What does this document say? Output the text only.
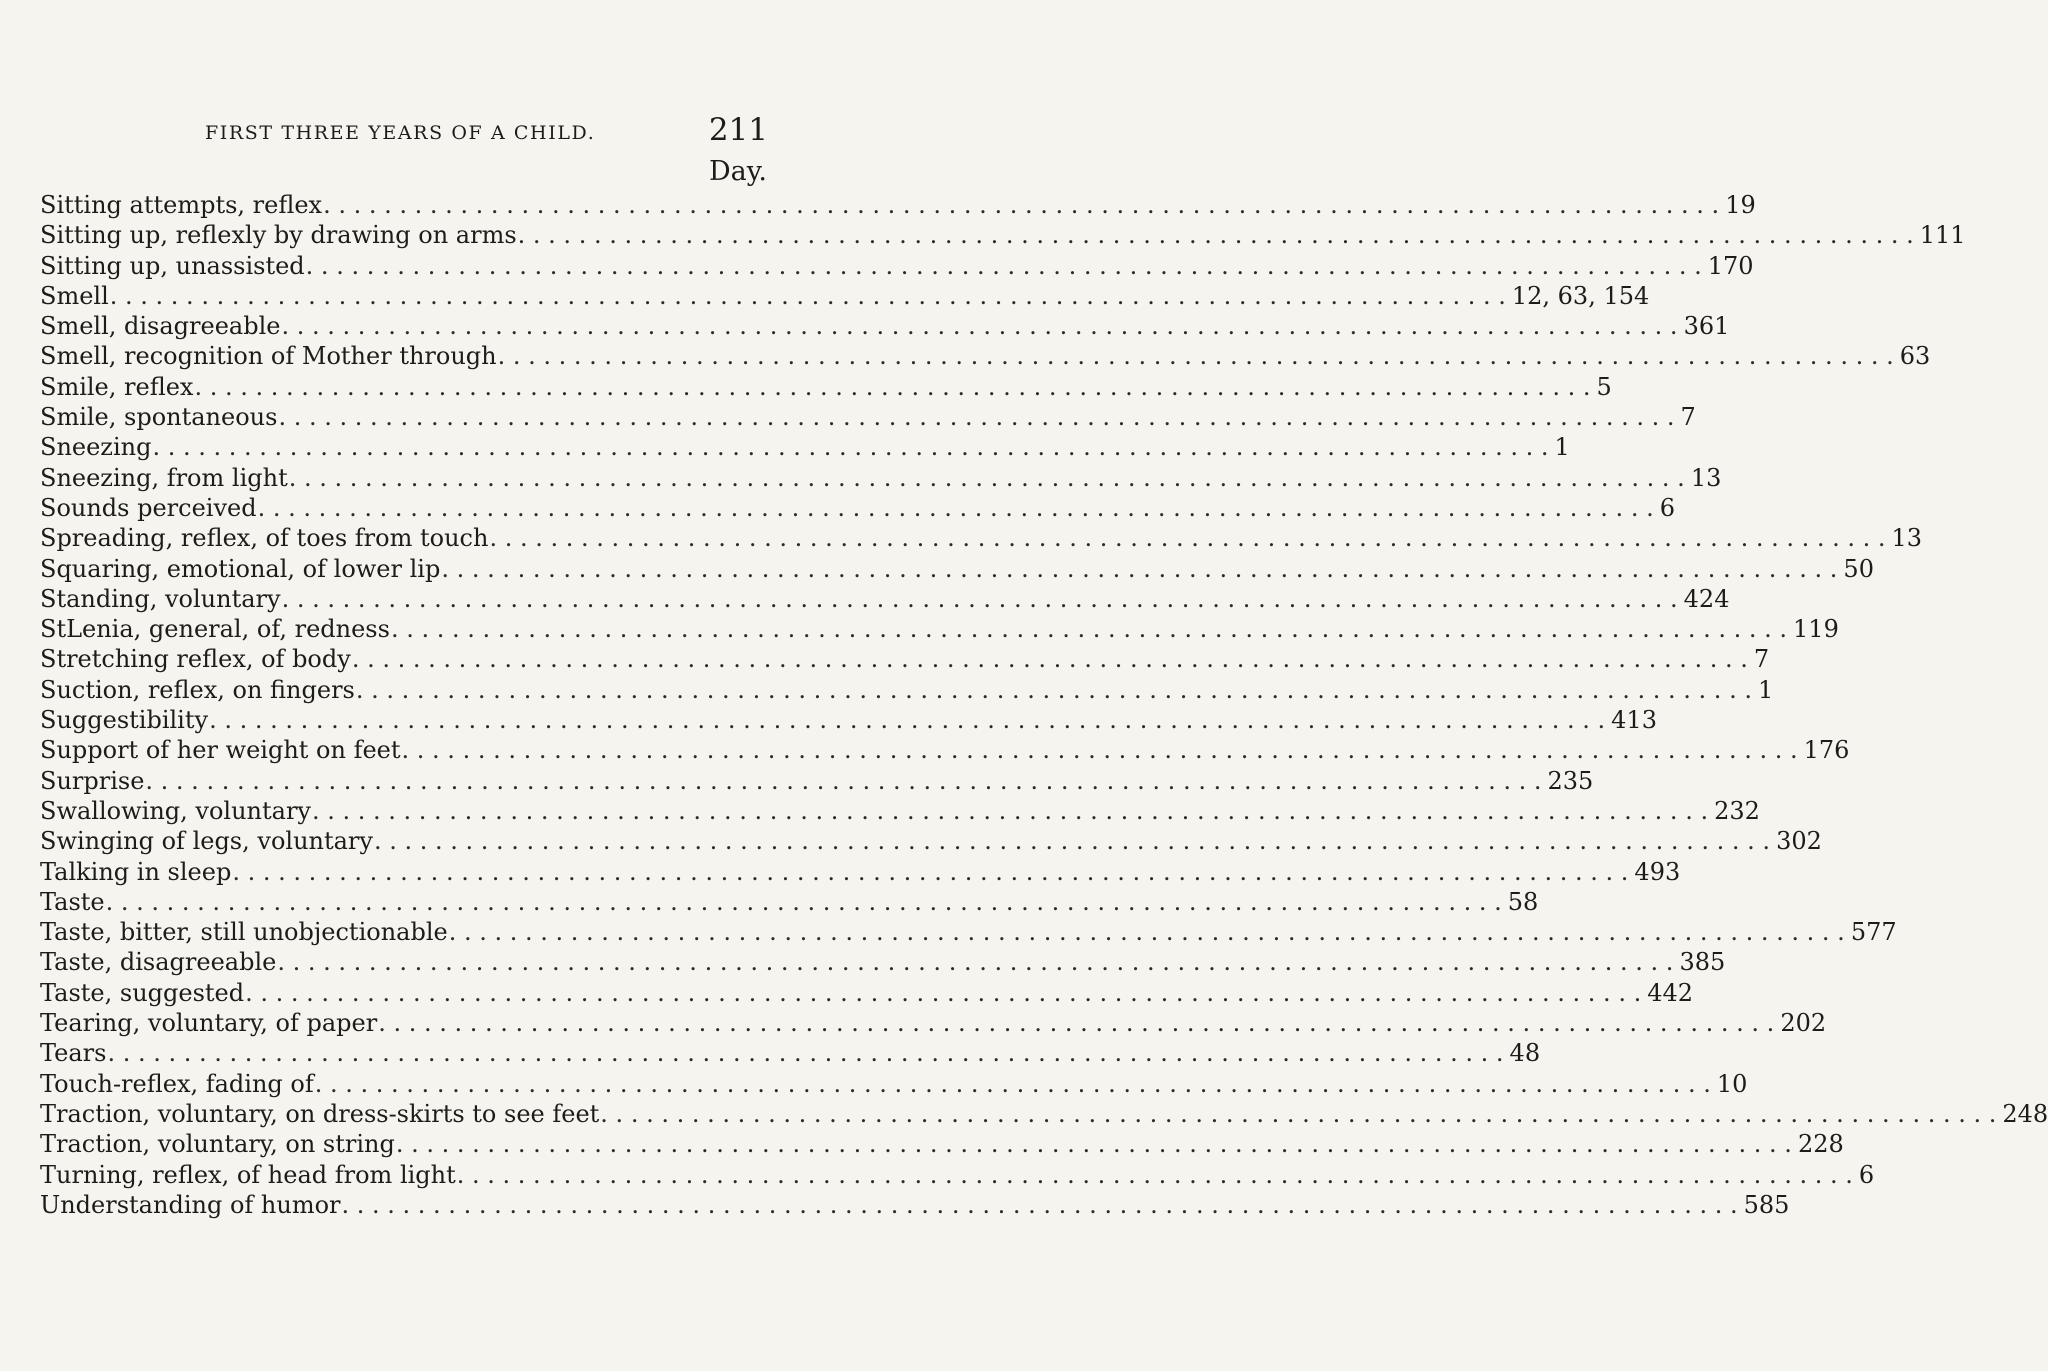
FIRST THREE YEARS OF A CHILD.	211
Day.
Sitting attempts, reflex . . .	19
Sitting up, reflexly by drawing on arms . . .	111
Sitting up, unassisted . . .	170
Smell . . .	12, 63, 154
Smell, disagreeable . . .	361
Smell, recognition of Mother through . . .	63
Smile, reflex . . .	5
Smile, spontaneous . . .	7
Sneezing . . .	1
Sneezing, from light . . .	13
Sounds perceived . . .	6
Spreading, reflex, of toes from touch . . .	13
Squaring, emotional, of lower lip . . .	50
Standing, voluntary . . .	424
StLenia, general, of, redness . . .	119
Stretching reflex, of body . . .	7
Suction, reflex, on fingers . . .	1
Suggestibility . . .	413
Support of her weight on feet . . .	176
Surprise . . .	235
Swallowing, voluntary . . .	232
Swinging of legs, voluntary . . .	302
Talking in sleep . . .	493
Taste . . .	58
Taste, bitter, still unobjectionable . . .	577
Taste, disagreeable . . .	385
Taste, suggested . . .	442
Tearing, voluntary, of paper . . .	202
Tears . . .	48
Touch-reflex, fading of . . .	10
Traction, voluntary, on dress-skirts to see feet . . .	248
Traction, voluntary, on string . . .	228
Turning, reflex, of head from light . . .	6
Understanding of humor . . .	585
